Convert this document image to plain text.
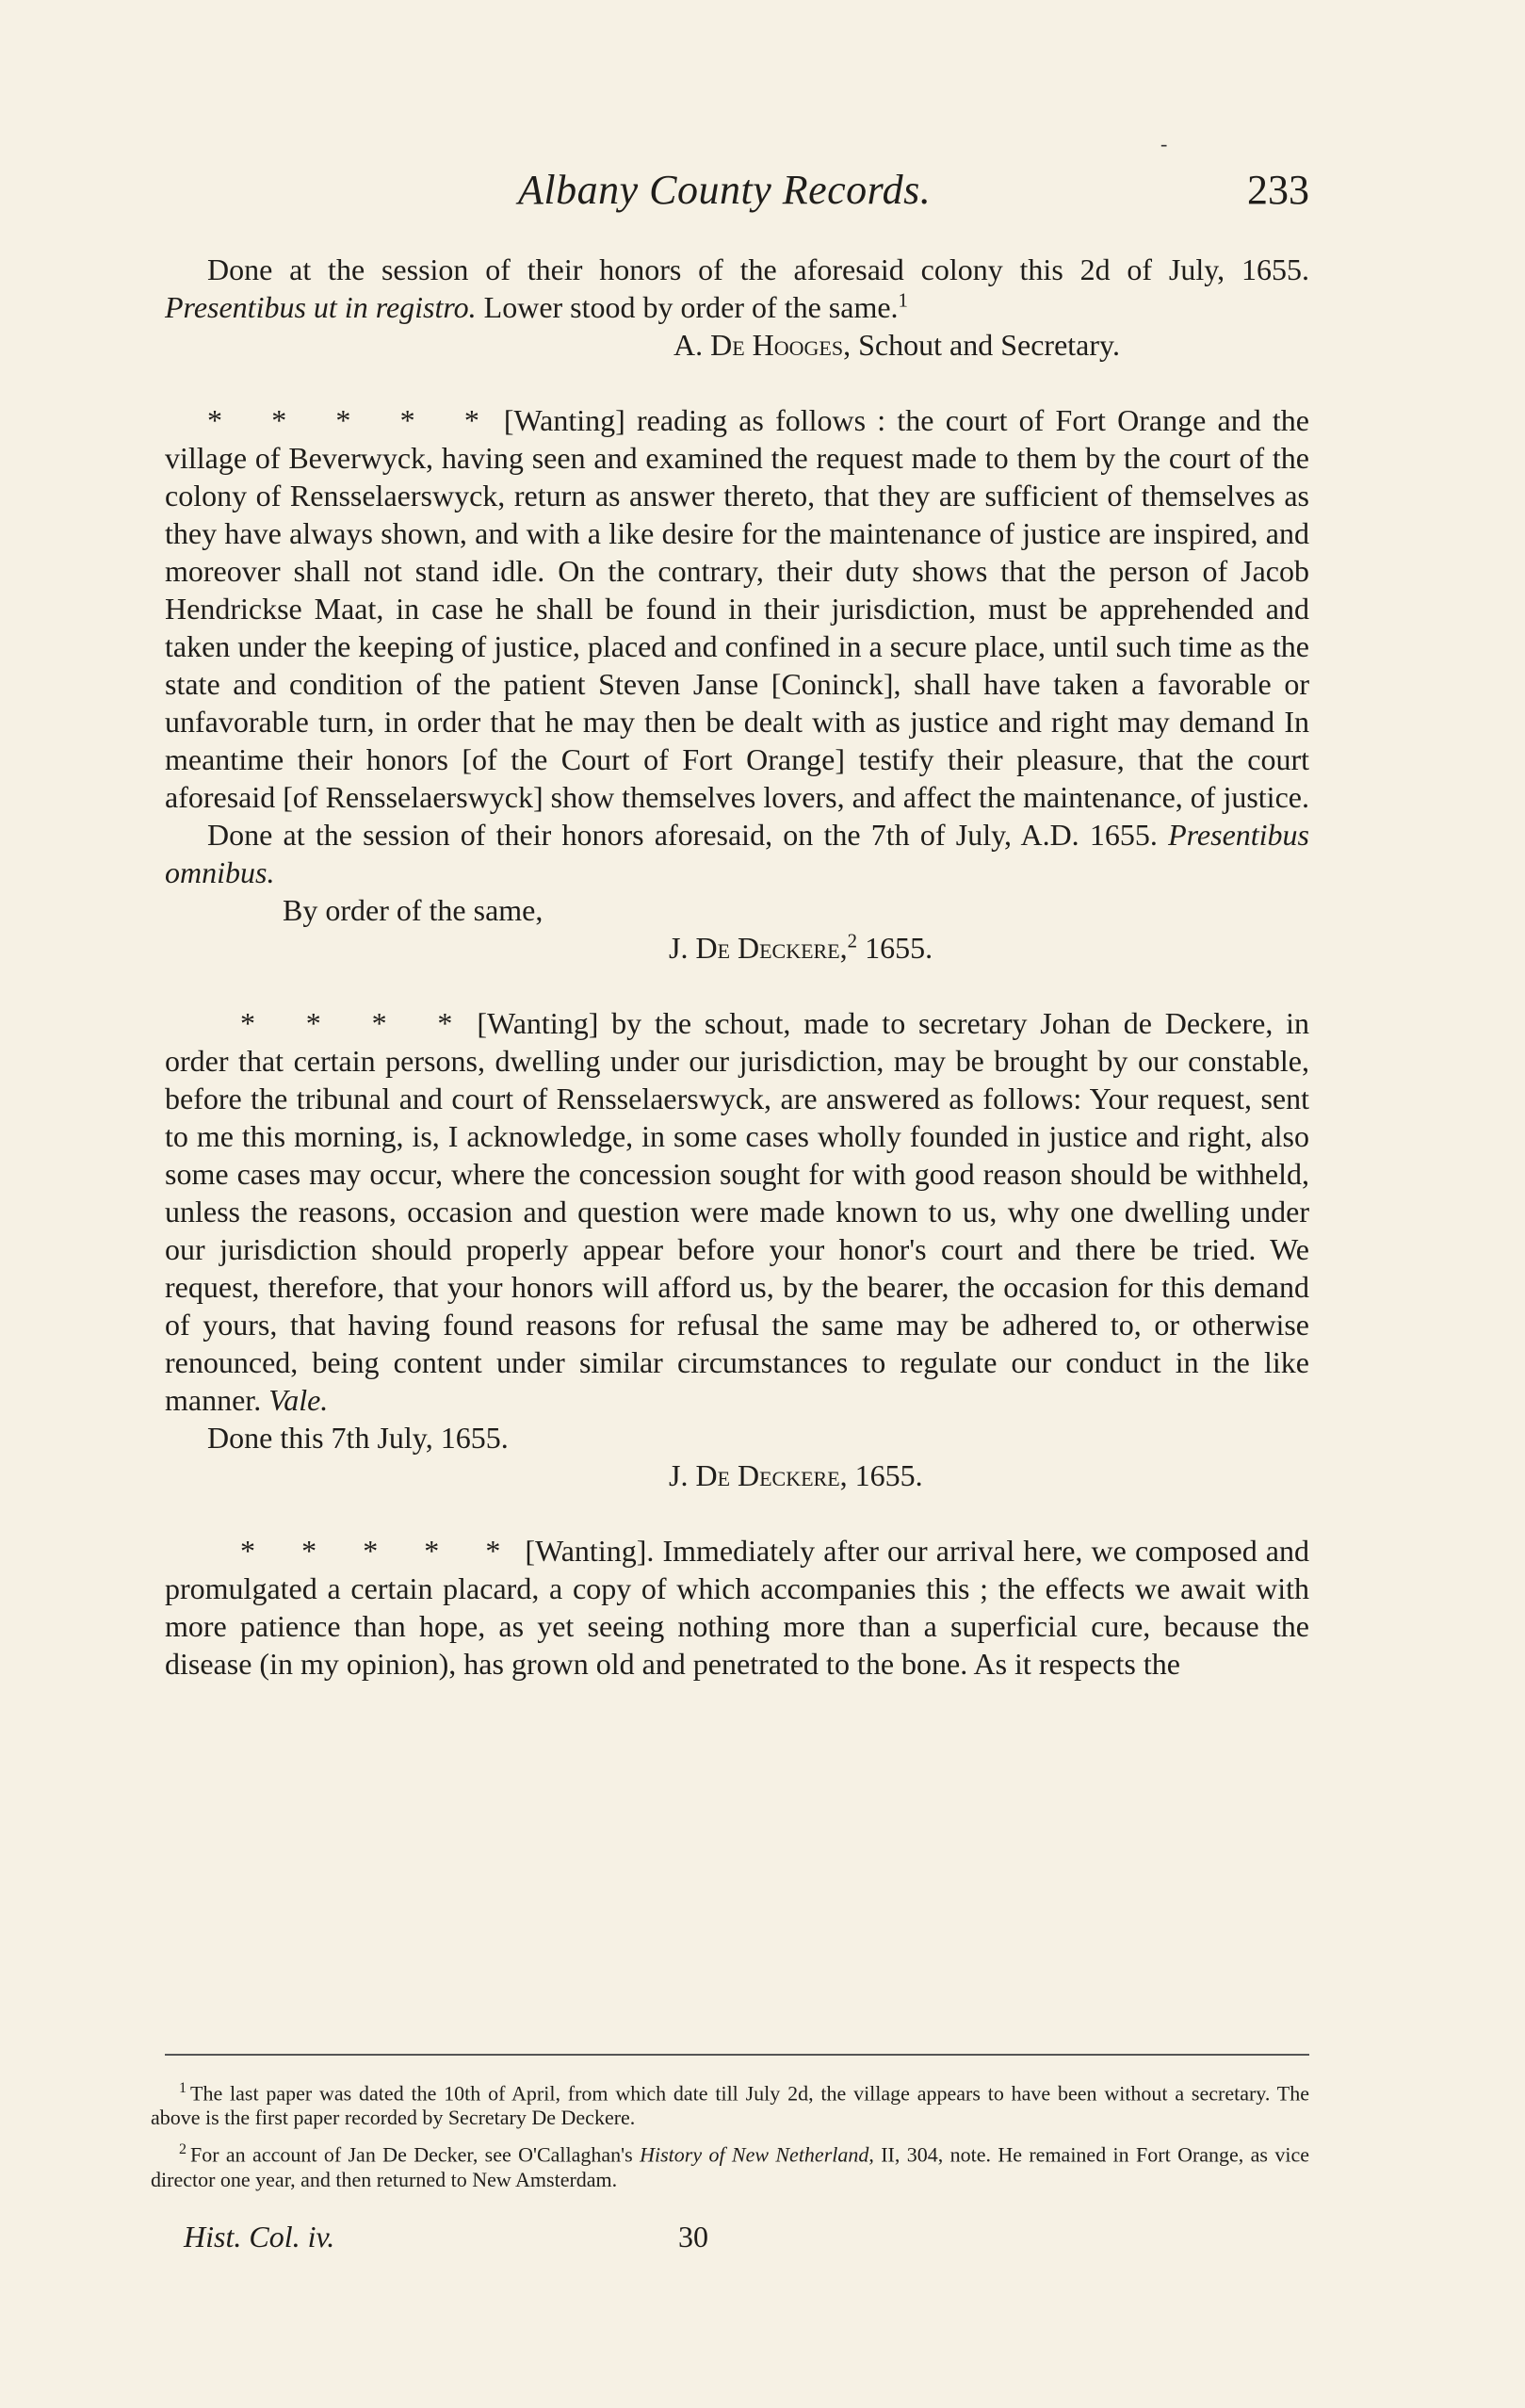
-
Albany County Records.	233

Done at the session of their honors of the aforesaid colony this 2d of July, 1655. Presentibus ut in registro. Lower stood by order of the same.$^1$

A. De Hooges, Schout and Secretary.

* * * * * [Wanting] reading as follows : the court of Fort Orange and the village of Beverwyck, having seen and examined the request made to them by the court of the colony of Rensselaerswyck, return as answer thereto, that they are sufficient of themselves as they have always shown, and with a like desire for the maintenance of justice are inspired, and moreover shall not stand idle. On the contrary, their duty shows that the person of Jacob Hendrickse Maat, in case he shall be found in their jurisdiction, must be apprehended and taken under the keeping of justice, placed and confined in a secure place, until such time as the state and condition of the patient Steven Janse [Coninck], shall have taken a favorable or unfavorable turn, in order that he may then be dealt with as justice and right may demand In meantime their honors [of the Court of Fort Orange] testify their pleasure, that the court aforesaid [of Rensselaerswyck] show themselves lovers, and affect the maintenance, of justice.

Done at the session of their honors aforesaid, on the 7th of July, A.D. 1655. Presentibus omnibus.

By order of the same,

J. De Deckere,$^2$ 1655.

* * * * [Wanting] by the schout, made to secretary Johan de Deckere, in order that certain persons, dwelling under our jurisdiction, may be brought by our constable, before the tribunal and court of Rensselaerswyck, are answered as follows: Your request, sent to me this morning, is, I acknowledge, in some cases wholly founded in justice and right, also some cases may occur, where the concession sought for with good reason should be withheld, unless the reasons, occasion and question were made known to us, why one dwelling under our jurisdiction should properly appear before your honor's court and there be tried. We request, therefore, that your honors will afford us, by the bearer, the occasion for this demand of yours, that having found reasons for refusal the same may be adhered to, or otherwise renounced, being content under similar circumstances to regulate our conduct in the like manner. Vale.

Done this 7th July, 1655.

J. De Deckere, 1655.

* * * * * [Wanting]. Immediately after our arrival here, we composed and promulgated a certain placard, a copy of which accompanies this ; the effects we await with more patience than hope, as yet seeing nothing more than a superficial cure, because the disease (in my opinion), has grown old and penetrated to the bone. As it respects the

$^1$ The last paper was dated the 10th of April, from which date till July 2d, the village appears to have been without a secretary. The above is the first paper recorded by Secretary De Deckere.

$^2$ For an account of Jan De Decker, see O'Callaghan's History of New Netherland, II, 304, note. He remained in Fort Orange, as vice director one year, and then returned to New Amsterdam.

Hist. Col. iv.	30
